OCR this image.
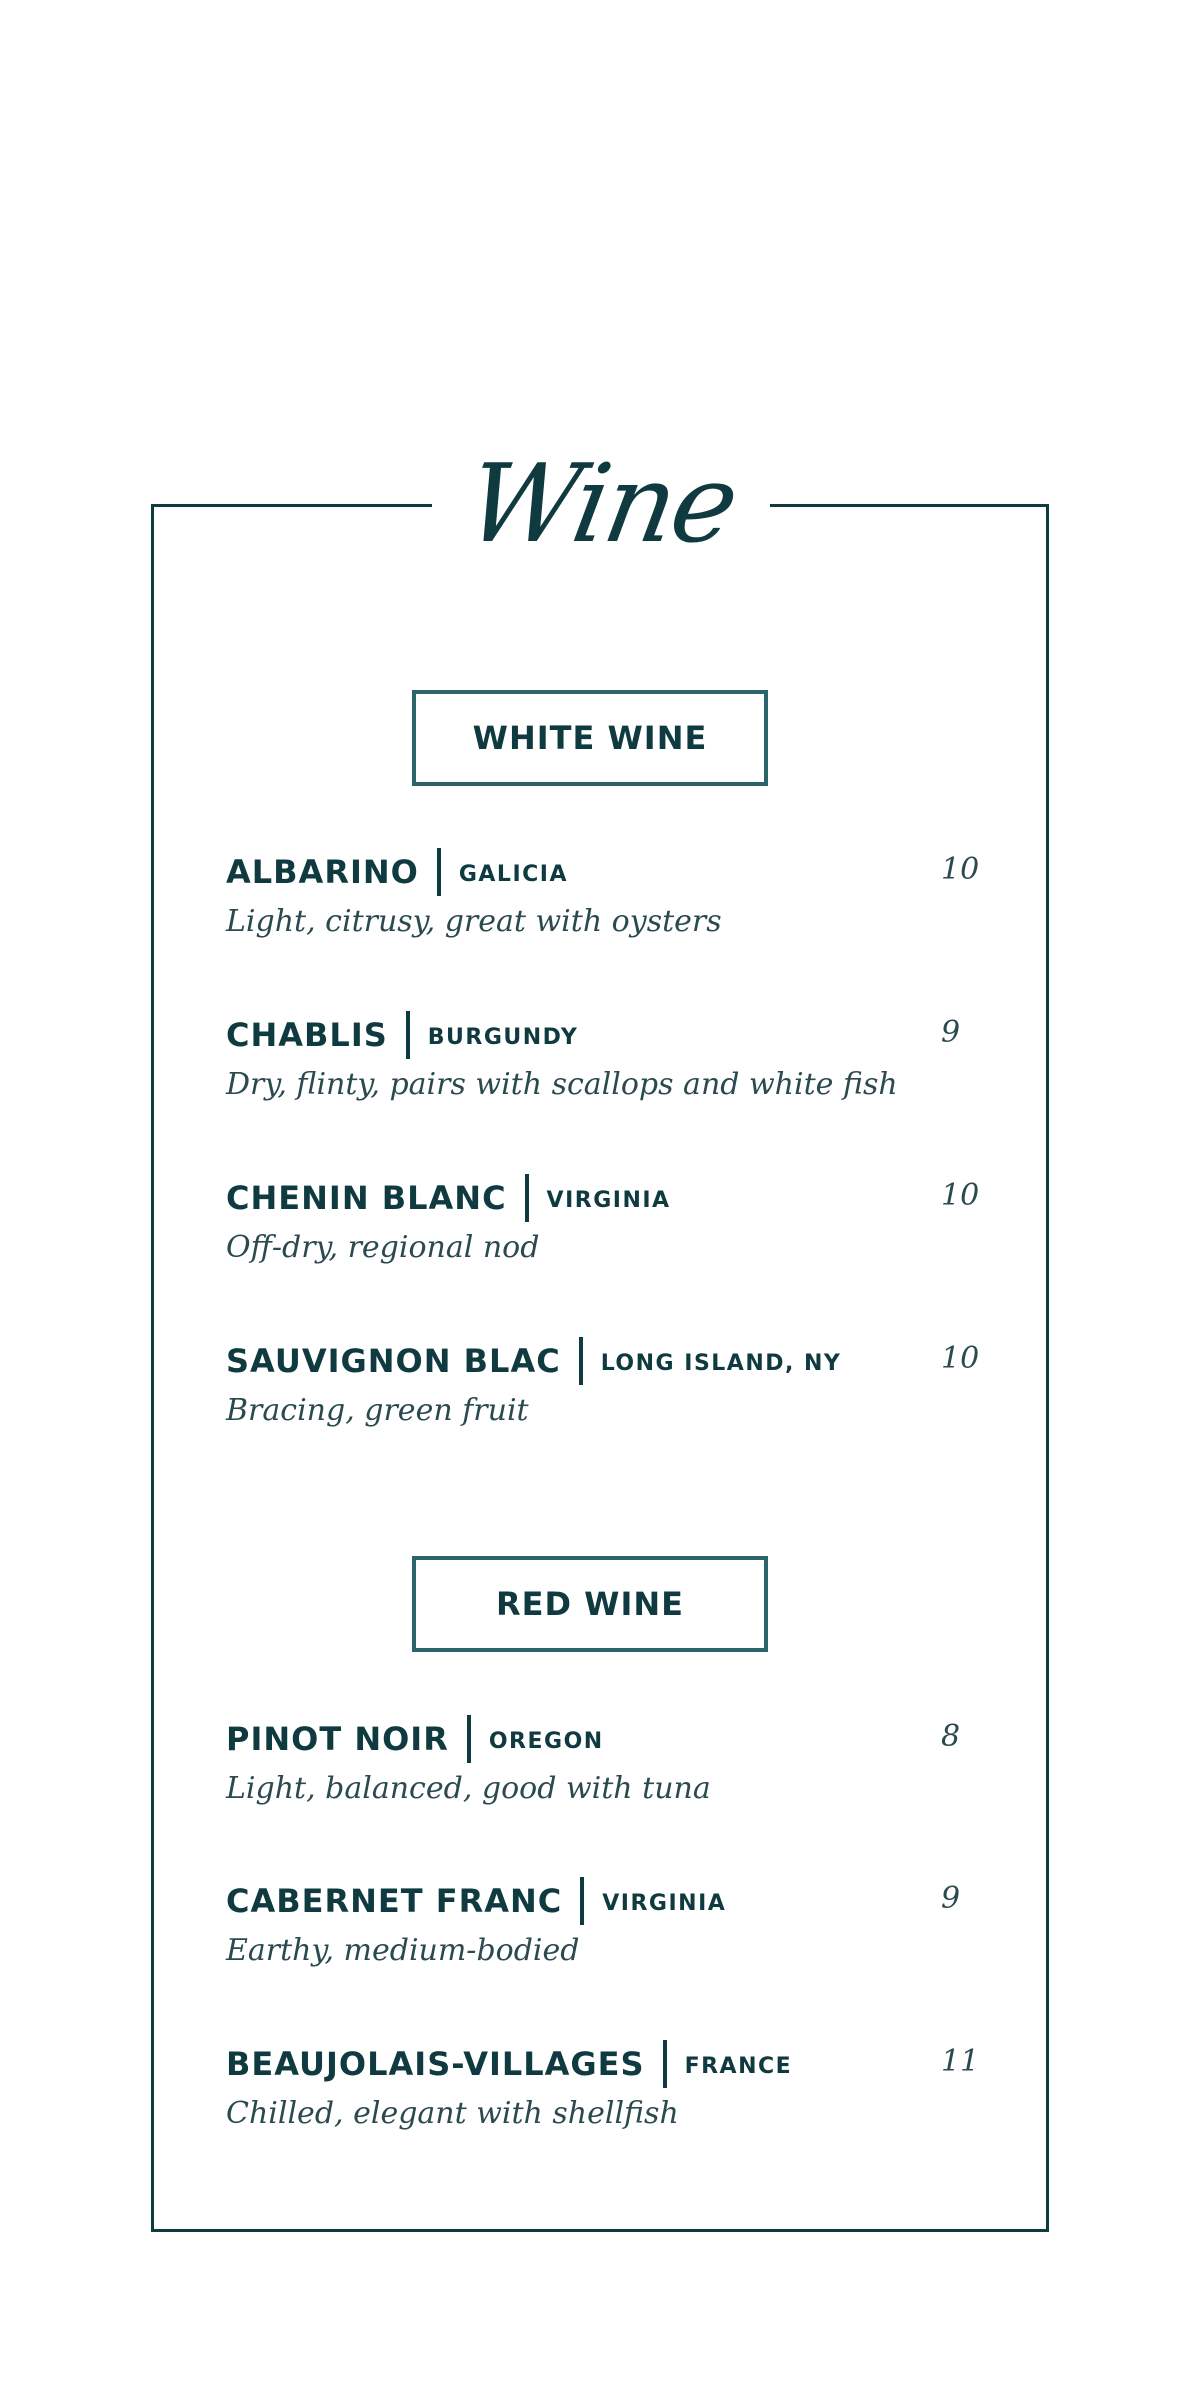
Wine
WHITE WINE
ALBARINO GALICIA	10
Light, citrusy, great with oysters
CHABLIS BURGUNDY	9
Dry, flinty, pairs with scallops and white fish
CHENIN BLANC VIRGINIA	10
Off-dry, regional nod
SAUVIGNON BLAC LONG ISLAND, NY	10
Bracing, green fruit
RED WINE
PINOT NOIR OREGON	8
Light, balanced, good with tuna
CABERNET FRANC VIRGINIA	9
Earthy, medium-bodied
BEAUJOLAIS-VILLAGES FRANCE	11
Chilled, elegant with shellfish
